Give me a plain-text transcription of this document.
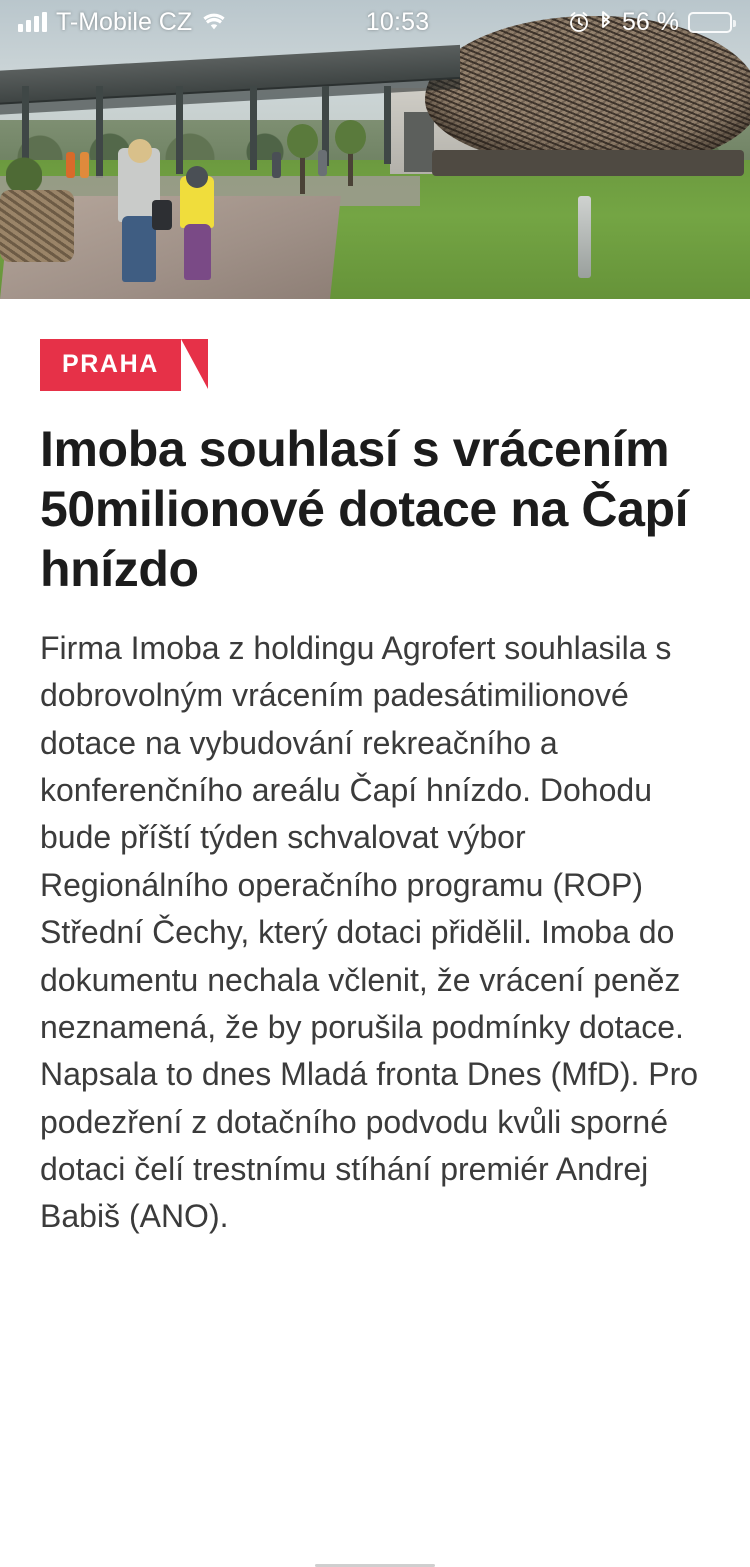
T-Mobile CZ	10:53	56 %
PRAHA
Imoba souhlasí s vrácením 50milionové dotace na Čapí hnízdo

Firma Imoba z holdingu Agrofert souhlasila s dobrovolným vrácením padesátimilionové dotace na vybudování rekreačního a konferenčního areálu Čapí hnízdo. Dohodu bude příští týden schvalovat výbor Regionálního operačního programu (ROP) Střední Čechy, který dotaci přidělil. Imoba do dokumentu nechala včlenit, že vrácení peněz neznamená, že by porušila podmínky dotace. Napsala to dnes Mladá fronta Dnes (MfD). Pro podezření z dotačního podvodu kvůli sporné dotaci čelí trestnímu stíhání premiér Andrej Babiš (ANO).
